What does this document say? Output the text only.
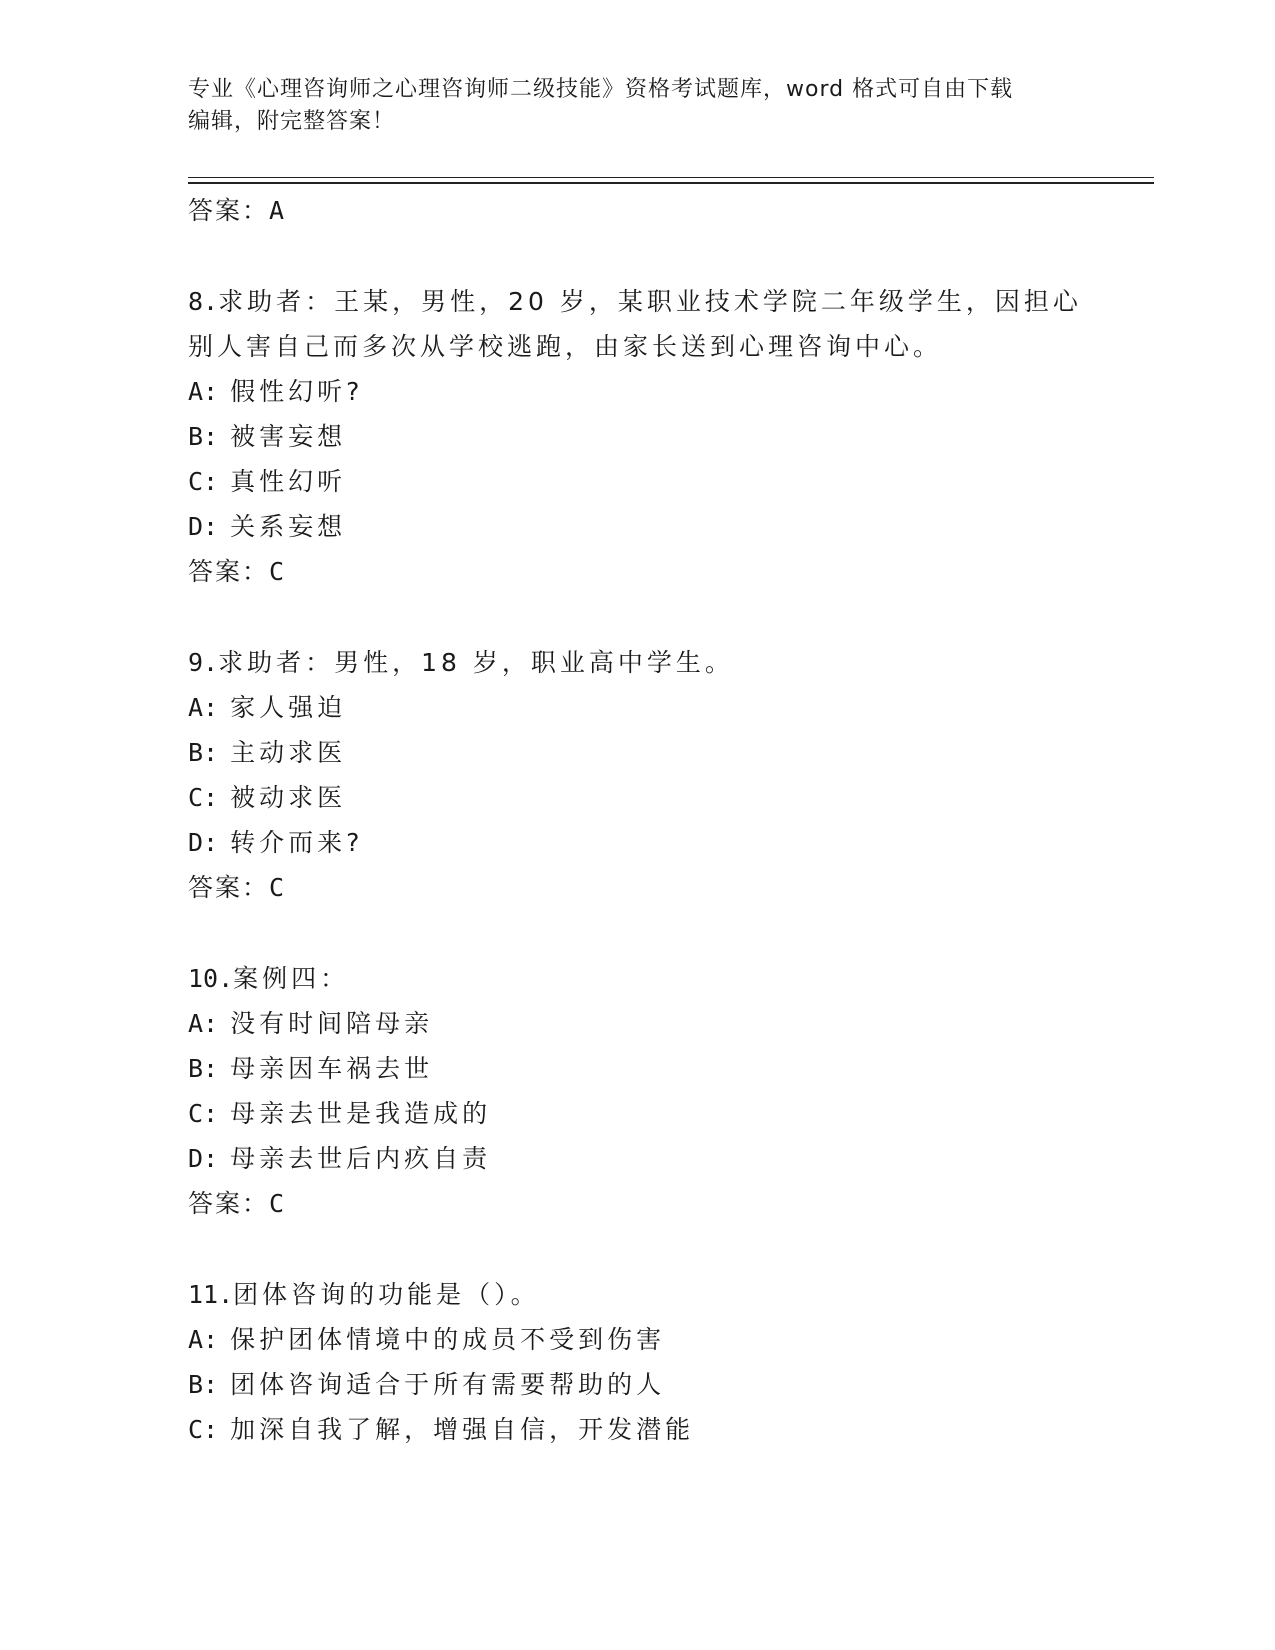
专业《心理咨询师之心理咨询师二级技能》资格考试题库，word 格式可自由下载
编辑，附完整答案！
答案：A
8.求助者：王某，男性，20 岁，某职业技术学院二年级学生，因担心
别人害自己而多次从学校逃跑，由家长送到心理咨询中心。
A: 假性幻听?
B: 被害妄想
C: 真性幻听
D: 关系妄想
答案：C
9.求助者：男性，18 岁，职业高中学生。
A: 家人强迫
B: 主动求医
C: 被动求医
D: 转介而来?
答案：C
10.案例四：
A: 没有时间陪母亲
B: 母亲因车祸去世
C: 母亲去世是我造成的
D: 母亲去世后内疚自责
答案：C
11.团体咨询的功能是（）。
A: 保护团体情境中的成员不受到伤害
B: 团体咨询适合于所有需要帮助的人
C: 加深自我了解，增强自信，开发潜能
